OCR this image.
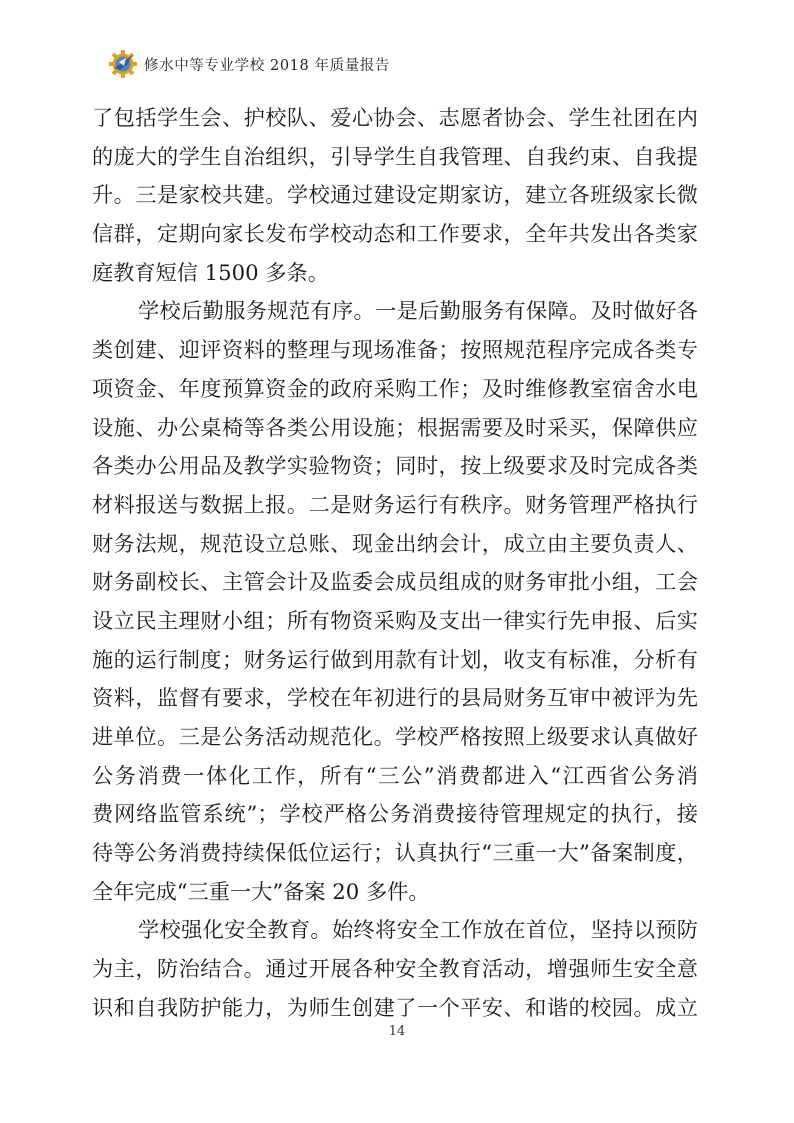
修水中等专业学校 2018 年质量报告

了包括学生会、护校队、爱心协会、志愿者协会、学生社团在内
的庞大的学生自治组织，引导学生自我管理、自我约束、自我提
升。三是家校共建。学校通过建设定期家访，建立各班级家长微
信群，定期向家长发布学校动态和工作要求，全年共发出各类家
庭教育短信 1500 多条。

学校后勤服务规范有序。一是后勤服务有保障。及时做好各
类创建、迎评资料的整理与现场准备；按照规范程序完成各类专
项资金、年度预算资金的政府采购工作；及时维修教室宿舍水电
设施、办公桌椅等各类公用设施；根据需要及时采买，保障供应
各类办公用品及教学实验物资；同时，按上级要求及时完成各类
材料报送与数据上报。二是财务运行有秩序。财务管理严格执行
财务法规，规范设立总账、现金出纳会计，成立由主要负责人、
财务副校长、主管会计及监委会成员组成的财务审批小组，工会
设立民主理财小组；所有物资采购及支出一律实行先申报、后实
施的运行制度；财务运行做到用款有计划，收支有标准，分析有
资料，监督有要求，学校在年初进行的县局财务互审中被评为先
进单位。三是公务活动规范化。学校严格按照上级要求认真做好
公务消费一体化工作，所有“三公”消费都进入“江西省公务消
费网络监管系统”；学校严格公务消费接待管理规定的执行，接
待等公务消费持续保低位运行；认真执行“三重一大”备案制度，
全年完成“三重一大”备案 20 多件。

学校强化安全教育。始终将安全工作放在首位，坚持以预防
为主，防治结合。通过开展各种安全教育活动，增强师生安全意
识和自我防护能力，为师生创建了一个平安、和谐的校园。成立

14
